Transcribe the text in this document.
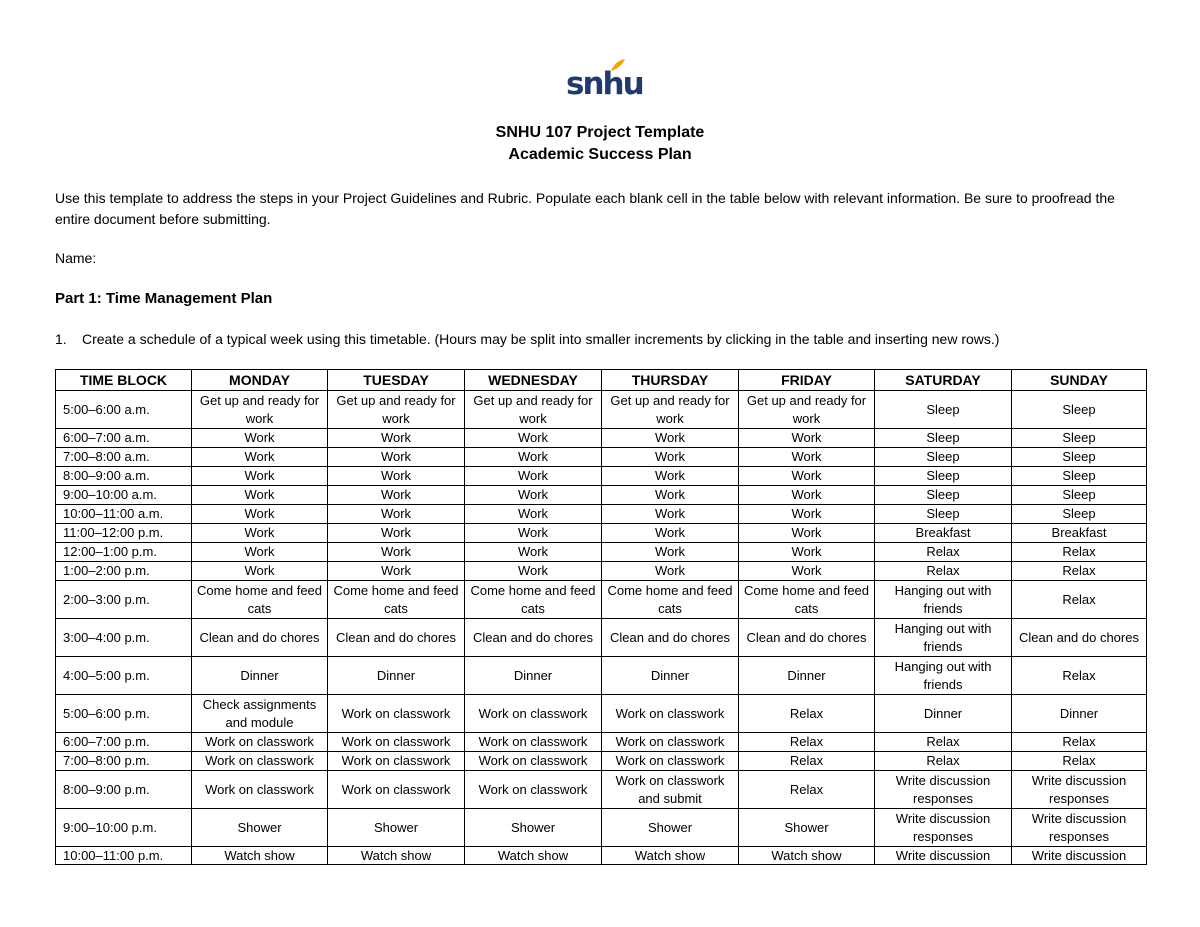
snhu
SNHU 107 Project Template
Academic Success Plan
Use this template to address the steps in your Project Guidelines and Rubric. Populate each blank cell in the table below with relevant information. Be sure to proofread the entire document before submitting.
Name:
Part 1: Time Management Plan
1. Create a schedule of a typical week using this timetable. (Hours may be split into smaller increments by clicking in the table and inserting new rows.)
TIME BLOCK	MONDAY	TUESDAY	WEDNESDAY	THURSDAY	FRIDAY	SATURDAY	SUNDAY
5:00–6:00 a.m.	Get up and ready for work	Get up and ready for work	Get up and ready for work	Get up and ready for work	Get up and ready for work	Sleep	Sleep
6:00–7:00 a.m.	Work	Work	Work	Work	Work	Sleep	Sleep
7:00–8:00 a.m.	Work	Work	Work	Work	Work	Sleep	Sleep
8:00–9:00 a.m.	Work	Work	Work	Work	Work	Sleep	Sleep
9:00–10:00 a.m.	Work	Work	Work	Work	Work	Sleep	Sleep
10:00–11:00 a.m.	Work	Work	Work	Work	Work	Sleep	Sleep
11:00–12:00 p.m.	Work	Work	Work	Work	Work	Breakfast	Breakfast
12:00–1:00 p.m.	Work	Work	Work	Work	Work	Relax	Relax
1:00–2:00 p.m.	Work	Work	Work	Work	Work	Relax	Relax
2:00–3:00 p.m.	Come home and feed cats	Come home and feed cats	Come home and feed cats	Come home and feed cats	Come home and feed cats	Hanging out with friends	Relax
3:00–4:00 p.m.	Clean and do chores	Clean and do chores	Clean and do chores	Clean and do chores	Clean and do chores	Hanging out with friends	Clean and do chores
4:00–5:00 p.m.	Dinner	Dinner	Dinner	Dinner	Dinner	Hanging out with friends	Relax
5:00–6:00 p.m.	Check assignments and module	Work on classwork	Work on classwork	Work on classwork	Relax	Dinner	Dinner
6:00–7:00 p.m.	Work on classwork	Work on classwork	Work on classwork	Work on classwork	Relax	Relax	Relax
7:00–8:00 p.m.	Work on classwork	Work on classwork	Work on classwork	Work on classwork	Relax	Relax	Relax
8:00–9:00 p.m.	Work on classwork	Work on classwork	Work on classwork	Work on classwork and submit	Relax	Write discussion responses	Write discussion responses
9:00–10:00 p.m.	Shower	Shower	Shower	Shower	Shower	Write discussion responses	Write discussion responses
10:00–11:00 p.m.	Watch show	Watch show	Watch show	Watch show	Watch show	Write discussion	Write discussion
